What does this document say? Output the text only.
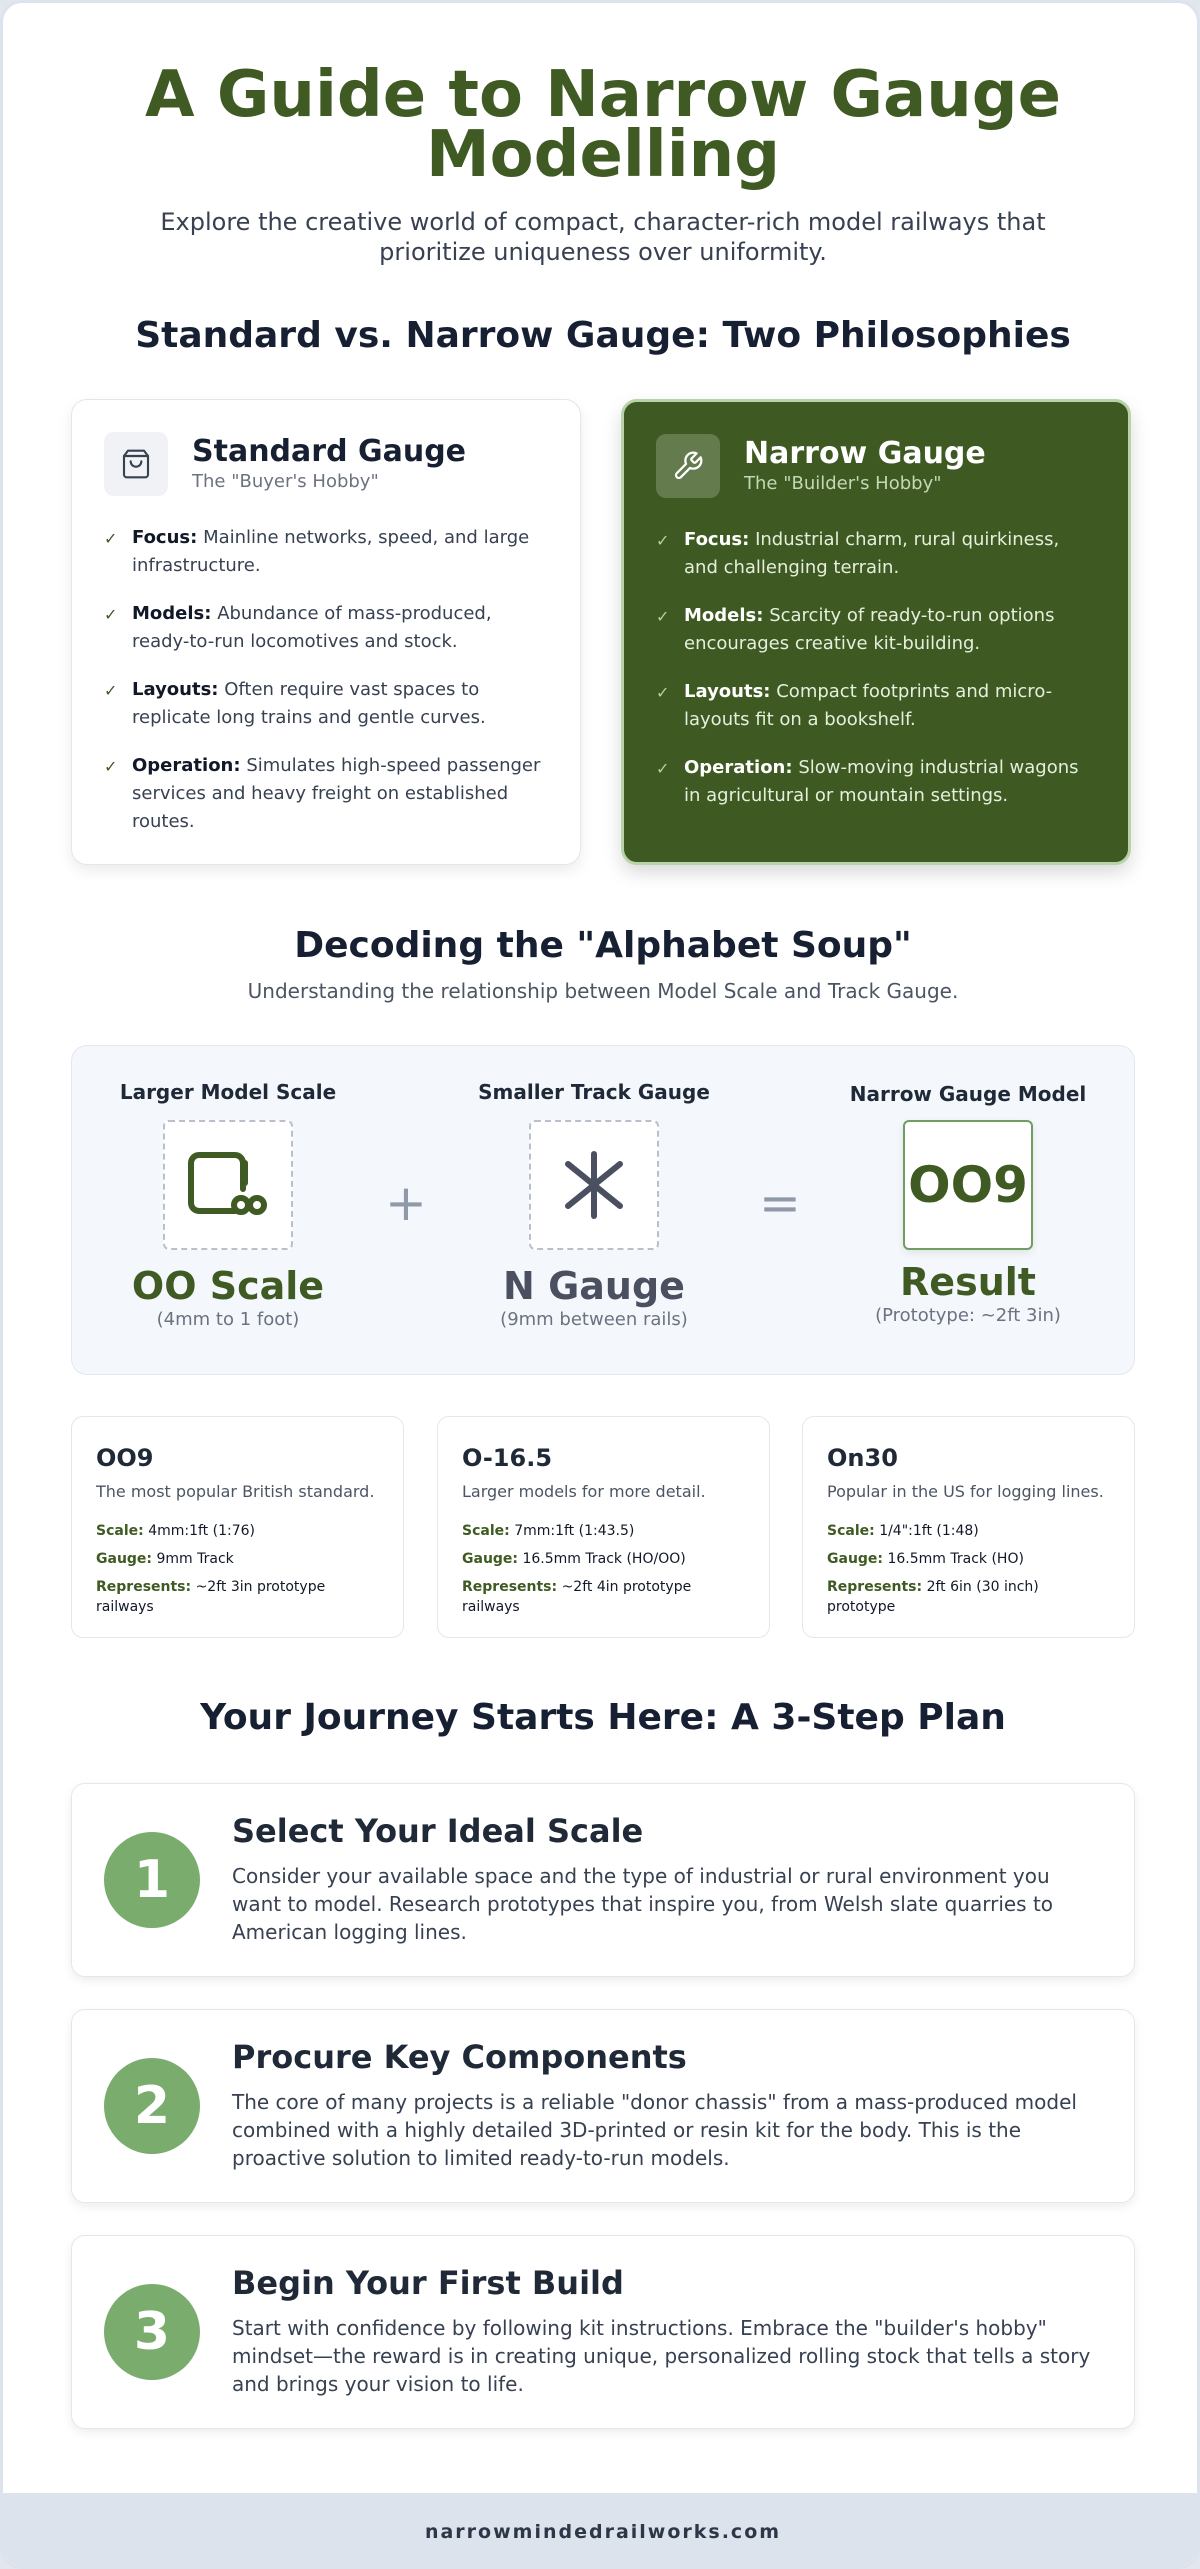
A Guide to Narrow Gauge Modelling

Explore the creative world of compact, character-rich model railways that prioritize uniqueness over uniformity.

Standard vs. Narrow Gauge: Two Philosophies
Standard Gauge
The "Buyer's Hobby"
✓ Focus: Mainline networks, speed, and large infrastructure.
✓ Models: Abundance of mass-produced, ready-to-run locomotives and stock.
✓ Layouts: Often require vast spaces to replicate long trains and gentle curves.
✓ Operation: Simulates high-speed passenger services and heavy freight on established routes.
Narrow Gauge
The "Builder's Hobby"
✓ Focus: Industrial charm, rural quirkiness, and challenging terrain.
✓ Models: Scarcity of ready-to-run options encourages creative kit-building.
✓ Layouts: Compact footprints and micro-layouts fit on a bookshelf.
✓ Operation: Slow-moving industrial wagons in agricultural or mountain settings.
Decoding the "Alphabet Soup"

Understanding the relationship between Model Scale and Track Gauge.

Larger Model Scale
OO Scale
(4mm to 1 foot)
+
Smaller Track Gauge
N Gauge
(9mm between rails)
=
Narrow Gauge Model
OO9
Result
(Prototype: ~2ft 3in)
OO9
The most popular British standard.
Scale: 4mm:1ft (1:76)
Gauge: 9mm Track
Represents: ~2ft 3in prototype railways
O-16.5
Larger models for more detail.
Scale: 7mm:1ft (1:43.5)
Gauge: 16.5mm Track (HO/OO)
Represents: ~2ft 4in prototype railways
On30
Popular in the US for logging lines.
Scale: 1/4":1ft (1:48)
Gauge: 16.5mm Track (HO)
Represents: 2ft 6in (30 inch) prototype
Your Journey Starts Here: A 3-Step Plan
1
Select Your Ideal Scale
Consider your available space and the type of industrial or rural environment you want to model. Research prototypes that inspire you, from Welsh slate quarries to American logging lines.
2
Procure Key Components
The core of many projects is a reliable "donor chassis" from a mass-produced model combined with a highly detailed 3D-printed or resin kit for the body. This is the proactive solution to limited ready-to-run models.
3
Begin Your First Build
Start with confidence by following kit instructions. Embrace the "builder's hobby" mindset—the reward is in creating unique, personalized rolling stock that tells a story and brings your vision to life.
narrowmindedrailworks.com
